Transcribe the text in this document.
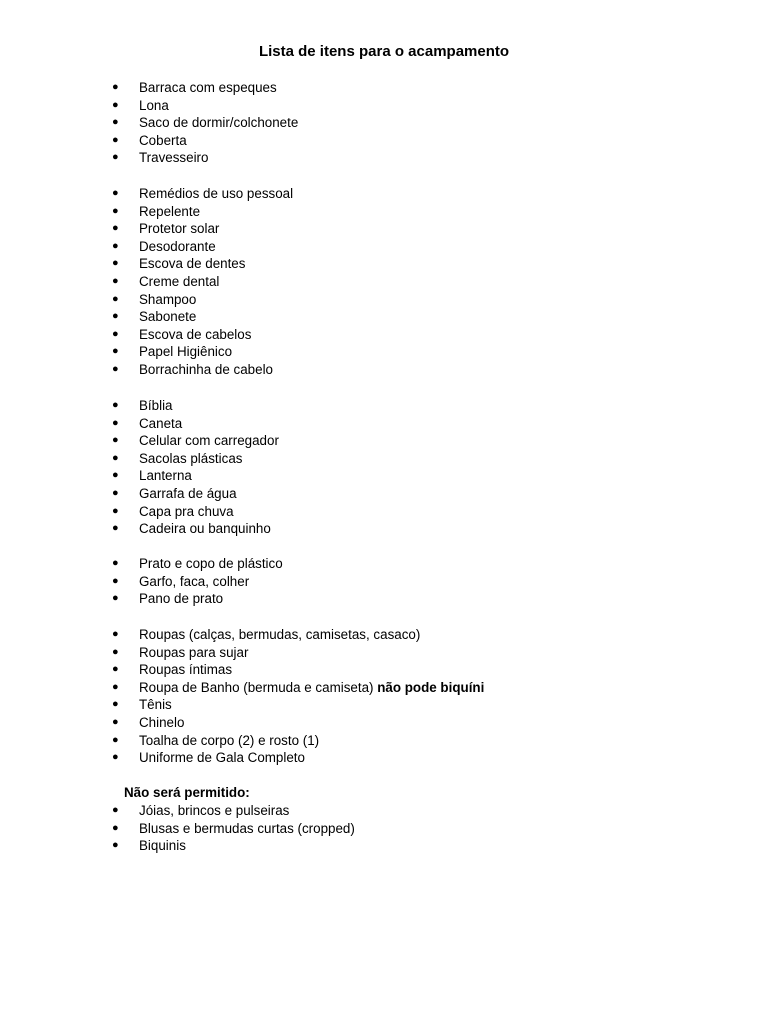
Lista de itens para o acampamento
● Barraca com espeques
● Lona
● Saco de dormir/colchonete
● Coberta
● Travesseiro
● Remédios de uso pessoal
● Repelente
● Protetor solar
● Desodorante
● Escova de dentes
● Creme dental
● Shampoo
● Sabonete
● Escova de cabelos
● Papel Higiênico
● Borrachinha de cabelo
● Bíblia
● Caneta
● Celular com carregador
● Sacolas plásticas
● Lanterna
● Garrafa de água
● Capa pra chuva
● Cadeira ou banquinho
● Prato e copo de plástico
● Garfo, faca, colher
● Pano de prato
● Roupas (calças, bermudas, camisetas, casaco)
● Roupas para sujar
● Roupas íntimas
● Roupa de Banho (bermuda e camiseta) não pode biquíni
● Tênis
● Chinelo
● Toalha de corpo (2) e rosto (1)
● Uniforme de Gala Completo

Não será permitido:

● Jóias, brincos e pulseiras
● Blusas e bermudas curtas (cropped)
● Biquinis
